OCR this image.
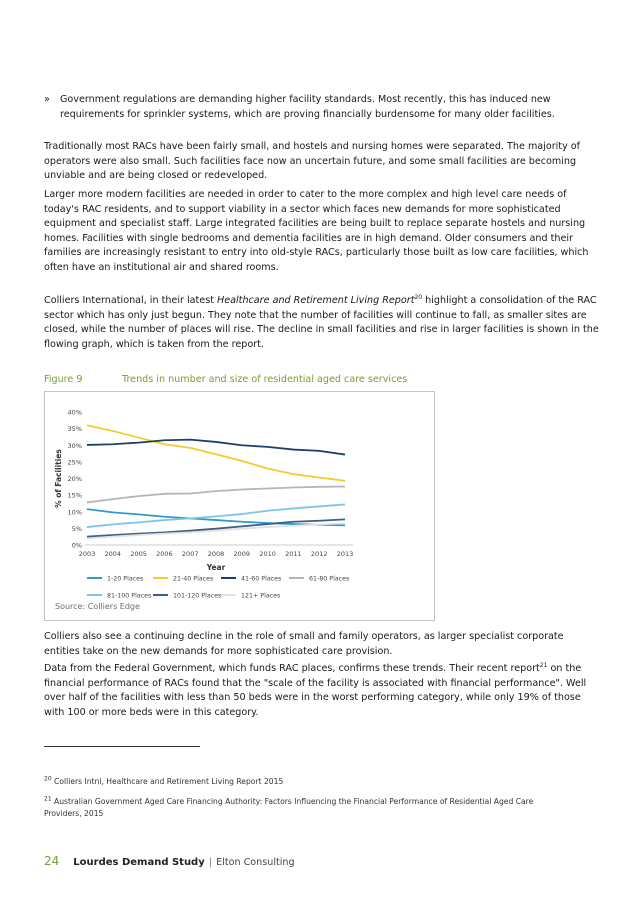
» Government regulations are demanding higher facility standards. Most recently, this has induced new requirements for sprinkler systems, which are proving financially burdensome for many older facilities.

Traditionally most RACs have been fairly small, and hostels and nursing homes were separated. The majority of operators were also small. Such facilities face now an uncertain future, and some small facilities are becoming unviable and are being closed or redeveloped.

Larger more modern facilities are needed in order to cater to the more complex and high level care needs of today's RAC residents, and to support viability in a sector which faces new demands for more sophisticated equipment and specialist staff. Large integrated facilities are being built to replace separate hostels and nursing homes. Facilities with single bedrooms and dementia facilities are in high demand. Older consumers and their families are increasingly resistant to entry into old-style RACs, particularly those built as low care facilities, which often have an institutional air and shared rooms.

Colliers International, in their latest Healthcare and Retirement Living Report$^{20}$ highlight a consolidation of the RAC sector which has only just begun. They note that the number of facilities will continue to fall, as smaller sites are closed, while the number of places will rise. The decline in small facilities and rise in larger facilities is shown in the flowing graph, which is taken from the report.

Figure 9	Trends in number and size of residential aged care services
0%
5%
10%
15%
20%
25%
30%
35%
40%
2003 2004 2005 2006 2007 2008 2009 2010 2011 2012 2013
Year
% of Facilities
1-20 Places	21-40 Places	41-60 Places	61-80 Places
81-100 Places	101-120 Places	121+ Places
Source: Colliers Edge

Colliers also see a continuing decline in the role of small and family operators, as larger specialist corporate entities take on the new demands for more sophisticated care provision.

Data from the Federal Government, which funds RAC places, confirms these trends. Their recent report$^{21}$ on the financial performance of RACs found that the "scale of the facility is associated with financial performance". Well over half of the facilities with less than 50 beds were in the worst performing category, while only 19% of those with 100 or more beds were in this category.

$^{20}$ Colliers Intnl, Healthcare and Retirement Living Report 2015
$^{21}$ Australian Government Aged Care Financing Authority: Factors Influencing the Financial Performance of Residential Aged Care Providers, 2015
24 Lourdes Demand Study | Elton Consulting
